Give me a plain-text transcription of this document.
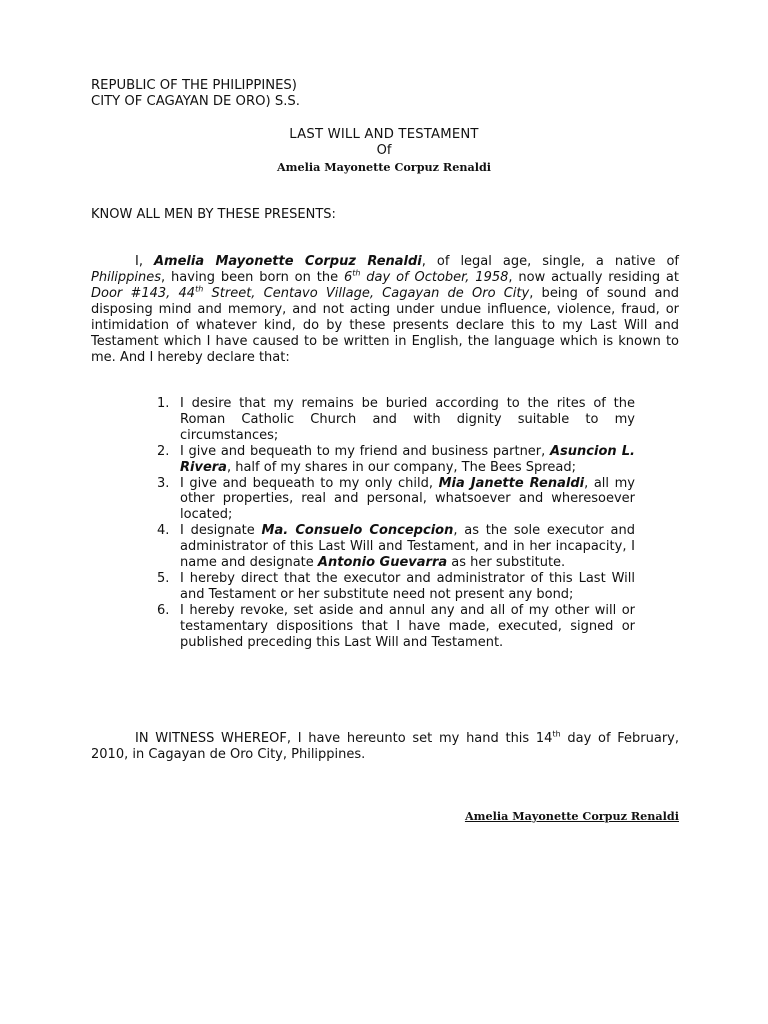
REPUBLIC OF THE PHILIPPINES)
CITY OF CAGAYAN DE ORO) S.S.
LAST WILL AND TESTAMENT
Of
Amelia Mayonette Corpuz Renaldi
KNOW ALL MEN BY THESE PRESENTS:
I, Amelia Mayonette Corpuz Renaldi, of legal age, single, a native of Philippines, having been born on the 6th day of October, 1958, now actually residing at Door #143, 44th Street, Centavo Village, Cagayan de Oro City, being of sound and disposing mind and memory, and not acting under undue influence, violence, fraud, or intimidation of whatever kind, do by these presents declare this to my Last Will and Testament which I have caused to be written in English, the language which is known to me. And I hereby declare that:
1. I desire that my remains be buried according to the rites of the Roman Catholic Church and with dignity suitable to my circumstances;
2. I give and bequeath to my friend and business partner, Asuncion L. Rivera, half of my shares in our company, The Bees Spread;
3. I give and bequeath to my only child, Mia Janette Renaldi, all my other properties, real and personal, whatsoever and wheresoever located;
4. I designate Ma. Consuelo Concepcion, as the sole executor and administrator of this Last Will and Testament, and in her incapacity, I name and designate Antonio Guevarra as her substitute.
5. I hereby direct that the executor and administrator of this Last Will and Testament or her substitute need not present any bond;
6. I hereby revoke, set aside and annul any and all of my other will or testamentary dispositions that I have made, executed, signed or published preceding this Last Will and Testament.
IN WITNESS WHEREOF, I have hereunto set my hand this 14th day of February, 2010, in Cagayan de Oro City, Philippines.
Amelia Mayonette Corpuz Renaldi
